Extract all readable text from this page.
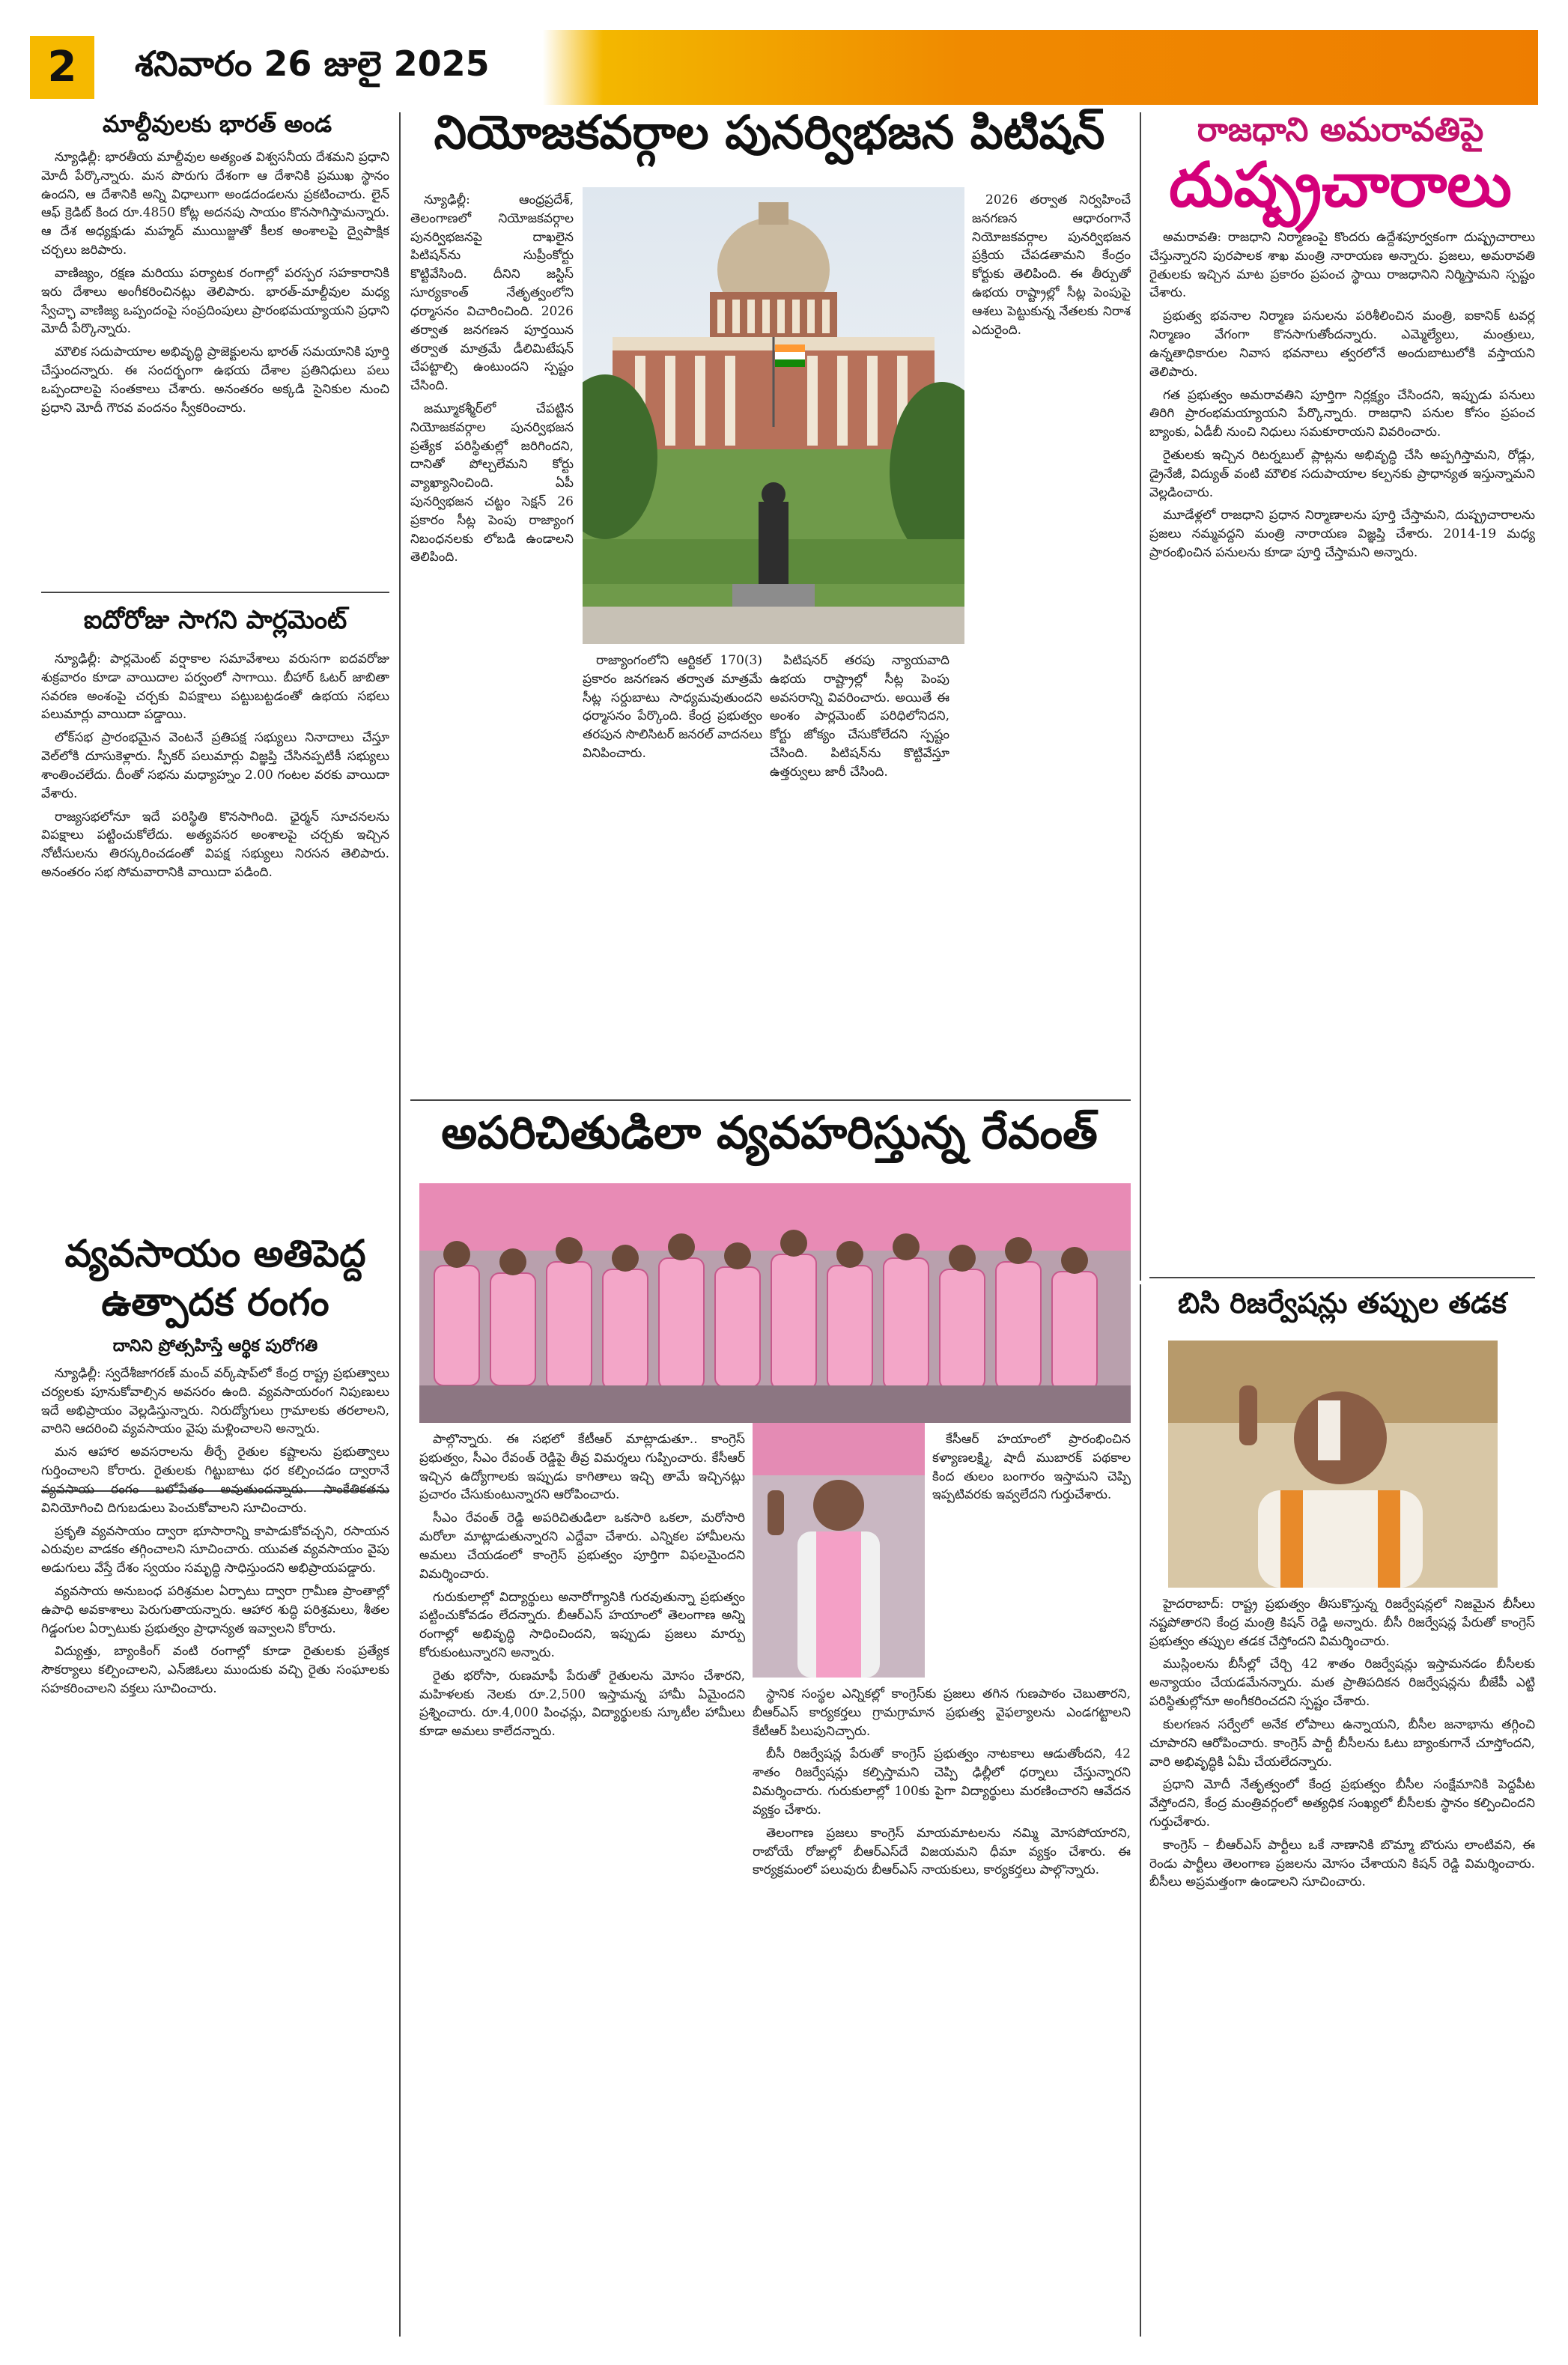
2	శనివారం 26 జులై 2025
మాల్దీవులకు భారత్ అండ

న్యూఢిల్లీ: భారతీయ మాల్దీవుల అత్యంత విశ్వసనీయ దేశమని ప్రధాని మోదీ పేర్కొన్నారు. మన పొరుగు దేశంగా ఆ దేశానికి ప్రముఖ స్థానం ఉందని, ఆ దేశానికి అన్ని విధాలుగా అండదండలను ప్రకటించారు. లైన్ ఆఫ్ క్రెడిట్ కింద రూ.4850 కోట్ల అదనపు సాయం కొనసాగిస్తామన్నారు. ఆ దేశ అధ్యక్షుడు మహ్మద్ ముయిజ్జుతో కీలక అంశాలపై ద్వైపాక్షిక చర్చలు జరిపారు.

వాణిజ్యం, రక్షణ మరియు పర్యాటక రంగాల్లో పరస్పర సహకారానికి ఇరు దేశాలు అంగీకరించినట్లు తెలిపారు. భారత్-మాల్దీవుల మధ్య స్వేచ్ఛా వాణిజ్య ఒప్పందంపై సంప్రదింపులు ప్రారంభమయ్యాయని ప్రధాని మోదీ పేర్కొన్నారు.

మౌలిక సదుపాయాల అభివృద్ధి ప్రాజెక్టులను భారత్ సమయానికి పూర్తి చేస్తుందన్నారు. ఈ సందర్భంగా ఉభయ దేశాల ప్రతినిధులు పలు ఒప్పందాలపై సంతకాలు చేశారు. అనంతరం అక్కడి సైనికుల నుంచి ప్రధాని మోదీ గౌరవ వందనం స్వీకరించారు.

ఐదోరోజు సాగని పార్లమెంట్

న్యూఢిల్లీ: పార్లమెంట్ వర్షాకాల సమావేశాలు వరుసగా ఐదవరోజు శుక్రవారం కూడా వాయిదాల పర్వంలో సాగాయి. బీహార్ ఓటర్ జాబితా సవరణ అంశంపై చర్చకు విపక్షాలు పట్టుబట్టడంతో ఉభయ సభలు పలుమార్లు వాయిదా పడ్డాయి.

లోక్‌సభ ప్రారంభమైన వెంటనే ప్రతిపక్ష సభ్యులు నినాదాలు చేస్తూ వెల్‌లోకి దూసుకెళ్లారు. స్పీకర్ పలుమార్లు విజ్ఞప్తి చేసినప్పటికీ సభ్యులు శాంతించలేదు. దీంతో సభను మధ్యాహ్నం 2.00 గంటల వరకు వాయిదా వేశారు.

రాజ్యసభలోనూ ఇదే పరిస్థితి కొనసాగింది. ఛైర్మన్ సూచనలను విపక్షాలు పట్టించుకోలేదు. అత్యవసర అంశాలపై చర్చకు ఇచ్చిన నోటీసులను తిరస్కరించడంతో విపక్ష సభ్యులు నిరసన తెలిపారు. అనంతరం సభ సోమవారానికి వాయిదా పడింది.

వ్యవసాయం అతిపెద్ద
ఉత్పాదక రంగం
దానిని ప్రోత్సహిస్తే ఆర్థిక పురోగతి

న్యూఢిల్లీ: స్వదేశీజాగరణ్ మంచ్ వర్క్‌షాప్‌లో కేంద్ర రాష్ట్ర ప్రభుత్వాలు చర్యలకు పూనుకోవాల్సిన అవసరం ఉంది. వ్యవసాయరంగ నిపుణులు ఇదే అభిప్రాయం వెల్లడిస్తున్నారు. నిరుద్యోగులు గ్రామాలకు తరలాలని, వారిని ఆదరించి వ్యవసాయం వైపు మళ్లించాలని అన్నారు.

మన ఆహార అవసరాలను తీర్చే రైతుల కష్టాలను ప్రభుత్వాలు గుర్తించాలని కోరారు. రైతులకు గిట్టుబాటు ధర కల్పించడం ద్వారానే వ్యవసాయ రంగం బలోపేతం అవుతుందన్నారు. సాంకేతికతను వినియోగించి దిగుబడులు పెంచుకోవాలని సూచించారు.

ప్రకృతి వ్యవసాయం ద్వారా భూసారాన్ని కాపాడుకోవచ్చని, రసాయన ఎరువుల వాడకం తగ్గించాలని సూచించారు. యువత వ్యవసాయం వైపు అడుగులు వేస్తే దేశం స్వయం సమృద్ధి సాధిస్తుందని అభిప్రాయపడ్డారు.

వ్యవసాయ అనుబంధ పరిశ్రమల ఏర్పాటు ద్వారా గ్రామీణ ప్రాంతాల్లో ఉపాధి అవకాశాలు పెరుగుతాయన్నారు. ఆహార శుద్ధి పరిశ్రమలు, శీతల గిడ్డంగుల ఏర్పాటుకు ప్రభుత్వం ప్రాధాన్యత ఇవ్వాలని కోరారు.

విద్యుత్తు, బ్యాంకింగ్ వంటి రంగాల్లో కూడా రైతులకు ప్రత్యేక సౌకర్యాలు కల్పించాలని, ఎన్‌జిఓలు ముందుకు వచ్చి రైతు సంఘాలకు సహకరించాలని వక్తలు సూచించారు.

నియోజకవర్గాల పునర్విభజన పిటిషన్

న్యూఢిల్లీ: ఆంధ్రప్రదేశ్, తెలంగాణలో నియోజకవర్గాల పునర్విభజనపై దాఖలైన పిటిషన్‌ను సుప్రీంకోర్టు కొట్టివేసింది. దీనిని జస్టిస్ సూర్యకాంత్ నేతృత్వంలోని ధర్మాసనం విచారించింది. 2026 తర్వాత జనగణన పూర్తయిన తర్వాత మాత్రమే డీలిమిటేషన్ చేపట్టాల్సి ఉంటుందని స్పష్టం చేసింది.

జమ్మూకశ్మీర్‌లో చేపట్టిన నియోజకవర్గాల పునర్విభజన ప్రత్యేక పరిస్థితుల్లో జరిగిందని, దానితో పోల్చలేమని కోర్టు వ్యాఖ్యానించింది. ఏపీ పునర్విభజన చట్టం సెక్షన్ 26 ప్రకారం సీట్ల పెంపు రాజ్యాంగ నిబంధనలకు లోబడి ఉండాలని తెలిపింది.

రాజ్యాంగంలోని ఆర్టికల్ 170(3) ప్రకారం జనగణన తర్వాత మాత్రమే సీట్ల సర్దుబాటు సాధ్యమవుతుందని ధర్మాసనం పేర్కొంది. కేంద్ర ప్రభుత్వం తరపున సొలిసిటర్ జనరల్ వాదనలు వినిపించారు.

పిటిషనర్ తరపు న్యాయవాది ఉభయ రాష్ట్రాల్లో సీట్ల పెంపు అవసరాన్ని వివరించారు. అయితే ఈ అంశం పార్లమెంట్ పరిధిలోనిదని, కోర్టు జోక్యం చేసుకోలేదని స్పష్టం చేసింది. పిటిషన్‌ను కొట్టివేస్తూ ఉత్తర్వులు జారీ చేసింది.

2026 తర్వాత నిర్వహించే జనగణన ఆధారంగానే నియోజకవర్గాల పునర్విభజన ప్రక్రియ చేపడతామని కేంద్రం కోర్టుకు తెలిపింది. ఈ తీర్పుతో ఉభయ రాష్ట్రాల్లో సీట్ల పెంపుపై ఆశలు పెట్టుకున్న నేతలకు నిరాశ ఎదురైంది.

అపరిచితుడిలా వ్యవహరిస్తున్న రేవంత్

పాల్గొన్నారు. ఈ సభలో కేటీఆర్ మాట్లాడుతూ.. కాంగ్రెస్ ప్రభుత్వం, సీఎం రేవంత్ రెడ్డిపై తీవ్ర విమర్శలు గుప్పించారు. కేసీఆర్ ఇచ్చిన ఉద్యోగాలకు ఇప్పుడు కాగితాలు ఇచ్చి తామే ఇచ్చినట్లు ప్రచారం చేసుకుంటున్నారని ఆరోపించారు.

సీఎం రేవంత్ రెడ్డి అపరిచితుడిలా ఒకసారి ఒకలా, మరోసారి మరోలా మాట్లాడుతున్నారని ఎద్దేవా చేశారు. ఎన్నికల హామీలను అమలు చేయడంలో కాంగ్రెస్ ప్రభుత్వం పూర్తిగా విఫలమైందని విమర్శించారు.

గురుకులాల్లో విద్యార్థులు అనారోగ్యానికి గురవుతున్నా ప్రభుత్వం పట్టించుకోవడం లేదన్నారు. బీఆర్ఎస్ హయాంలో తెలంగాణ అన్ని రంగాల్లో అభివృద్ధి సాధించిందని, ఇప్పుడు ప్రజలు మార్పు కోరుకుంటున్నారని అన్నారు.

రైతు భరోసా, రుణమాఫీ పేరుతో రైతులను మోసం చేశారని, మహిళలకు నెలకు రూ.2,500 ఇస్తామన్న హామీ ఏమైందని ప్రశ్నించారు. రూ.4,000 పింఛన్లు, విద్యార్థులకు స్కూటీల హామీలు కూడా అమలు కాలేదన్నారు.

కేసీఆర్ హయాంలో ప్రారంభించిన కళ్యాణలక్ష్మి, షాదీ ముబారక్ పథకాల కింద తులం బంగారం ఇస్తామని చెప్పి ఇప్పటివరకు ఇవ్వలేదని గుర్తుచేశారు.

స్థానిక సంస్థల ఎన్నికల్లో కాంగ్రెస్‌కు ప్రజలు తగిన గుణపాఠం చెబుతారని, బీఆర్ఎస్ కార్యకర్తలు గ్రామగ్రామాన ప్రభుత్వ వైఫల్యాలను ఎండగట్టాలని కేటీఆర్ పిలుపునిచ్చారు.

బీసీ రిజర్వేషన్ల పేరుతో కాంగ్రెస్ ప్రభుత్వం నాటకాలు ఆడుతోందని, 42 శాతం రిజర్వేషన్లు కల్పిస్తామని చెప్పి ఢిల్లీలో ధర్నాలు చేస్తున్నారని విమర్శించారు. గురుకులాల్లో 100కు పైగా విద్యార్థులు మరణించారని ఆవేదన వ్యక్తం చేశారు.

తెలంగాణ ప్రజలు కాంగ్రెస్ మాయమాటలను నమ్మి మోసపోయారని, రాబోయే రోజుల్లో బీఆర్ఎస్‌దే విజయమని ధీమా వ్యక్తం చేశారు. ఈ కార్యక్రమంలో పలువురు బీఆర్ఎస్ నాయకులు, కార్యకర్తలు పాల్గొన్నారు.

రాజధాని అమరావతిపై
దుష్ప్రచారాలు

అమరావతి: రాజధాని నిర్మాణంపై కొందరు ఉద్దేశపూర్వకంగా దుష్ప్రచారాలు చేస్తున్నారని పురపాలక శాఖ మంత్రి నారాయణ అన్నారు. ప్రజలు, అమరావతి రైతులకు ఇచ్చిన మాట ప్రకారం ప్రపంచ స్థాయి రాజధానిని నిర్మిస్తామని స్పష్టం చేశారు.

ప్రభుత్వ భవనాల నిర్మాణ పనులను పరిశీలించిన మంత్రి, ఐకానిక్ టవర్ల నిర్మాణం వేగంగా కొనసాగుతోందన్నారు. ఎమ్మెల్యేలు, మంత్రులు, ఉన్నతాధికారుల నివాస భవనాలు త్వరలోనే అందుబాటులోకి వస్తాయని తెలిపారు.

గత ప్రభుత్వం అమరావతిని పూర్తిగా నిర్లక్ష్యం చేసిందని, ఇప్పుడు పనులు తిరిగి ప్రారంభమయ్యాయని పేర్కొన్నారు. రాజధాని పనుల కోసం ప్రపంచ బ్యాంకు, ఏడీబీ నుంచి నిధులు సమకూరాయని వివరించారు.

రైతులకు ఇచ్చిన రిటర్నబుల్ ప్లాట్లను అభివృద్ధి చేసి అప్పగిస్తామని, రోడ్లు, డ్రైనేజీ, విద్యుత్ వంటి మౌలిక సదుపాయాల కల్పనకు ప్రాధాన్యత ఇస్తున్నామని వెల్లడించారు.

మూడేళ్లలో రాజధాని ప్రధాన నిర్మాణాలను పూర్తి చేస్తామని, దుష్ప్రచారాలను ప్రజలు నమ్మవద్దని మంత్రి నారాయణ విజ్ఞప్తి చేశారు. 2014-19 మధ్య ప్రారంభించిన పనులను కూడా పూర్తి చేస్తామని అన్నారు.

బిసి రిజర్వేషన్లు తప్పుల తడక

హైదరాబాద్: రాష్ట్ర ప్రభుత్వం తీసుకొస్తున్న రిజర్వేషన్లలో నిజమైన బీసీలు నష్టపోతారని కేంద్ర మంత్రి కిషన్ రెడ్డి అన్నారు. బీసీ రిజర్వేషన్ల పేరుతో కాంగ్రెస్ ప్రభుత్వం తప్పుల తడక చేస్తోందని విమర్శించారు.

ముస్లింలను బీసీల్లో చేర్చి 42 శాతం రిజర్వేషన్లు ఇస్తామనడం బీసీలకు అన్యాయం చేయడమేనన్నారు. మత ప్రాతిపదికన రిజర్వేషన్లను బీజేపీ ఎట్టి పరిస్థితుల్లోనూ అంగీకరించదని స్పష్టం చేశారు.

కులగణన సర్వేలో అనేక లోపాలు ఉన్నాయని, బీసీల జనాభాను తగ్గించి చూపారని ఆరోపించారు. కాంగ్రెస్ పార్టీ బీసీలను ఓటు బ్యాంకుగానే చూస్తోందని, వారి అభివృద్ధికి ఏమీ చేయలేదన్నారు.

ప్రధాని మోదీ నేతృత్వంలో కేంద్ర ప్రభుత్వం బీసీల సంక్షేమానికి పెద్దపీట వేస్తోందని, కేంద్ర మంత్రివర్గంలో అత్యధిక సంఖ్యలో బీసీలకు స్థానం కల్పించిందని గుర్తుచేశారు.

కాంగ్రెస్ – బీఆర్ఎస్ పార్టీలు ఒకే నాణానికి బొమ్మా బొరుసు లాంటివని, ఈ రెండు పార్టీలు తెలంగాణ ప్రజలను మోసం చేశాయని కిషన్ రెడ్డి విమర్శించారు. బీసీలు అప్రమత్తంగా ఉండాలని సూచించారు.
